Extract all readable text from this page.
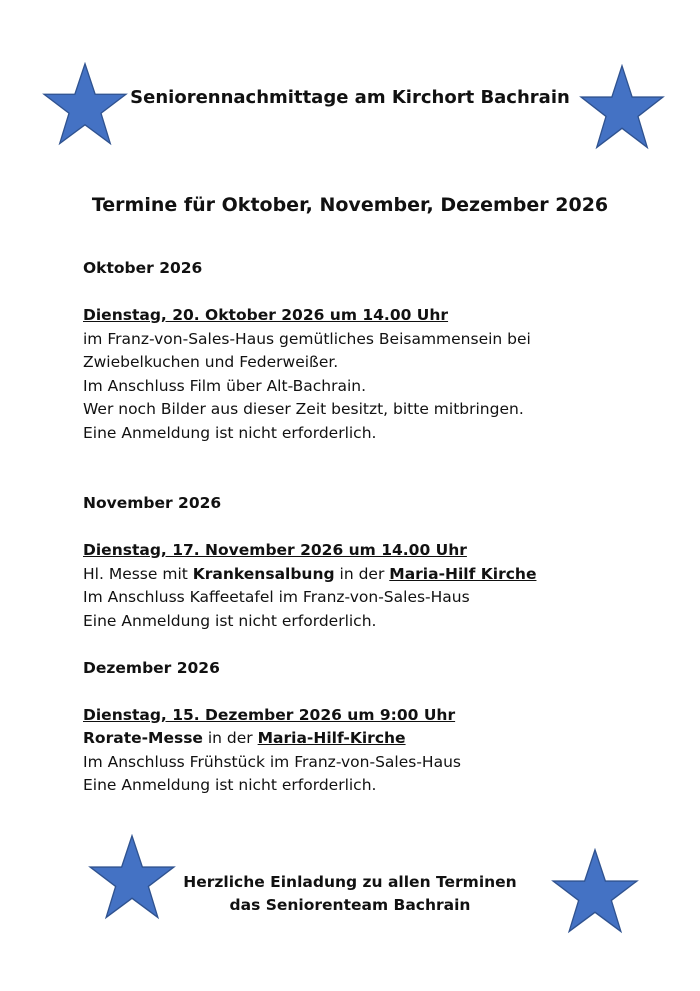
Seniorennachmittage am Kirchort Bachrain
Termine für Oktober, November, Dezember 2026

Oktober 2026

Dienstag, 20. Oktober 2026 um 14.00 Uhr

im Franz-von-Sales-Haus gemütliches Beisammensein bei

Zwiebelkuchen und Federweißer.

Im Anschluss Film über Alt-Bachrain.

Wer noch Bilder aus dieser Zeit besitzt, bitte mitbringen.

Eine Anmeldung ist nicht erforderlich.

November 2026

Dienstag, 17. November 2026 um 14.00 Uhr

Hl. Messe mit Krankensalbung in der Maria-Hilf Kirche

Im Anschluss Kaffeetafel im Franz-von-Sales-Haus

Eine Anmeldung ist nicht erforderlich.

Dezember 2026

Dienstag, 15. Dezember 2026 um 9:00 Uhr

Rorate-Messe in der Maria-Hilf-Kirche

Im Anschluss Frühstück im Franz-von-Sales-Haus

Eine Anmeldung ist nicht erforderlich.

Herzliche Einladung zu allen Terminen
das Seniorenteam Bachrain
